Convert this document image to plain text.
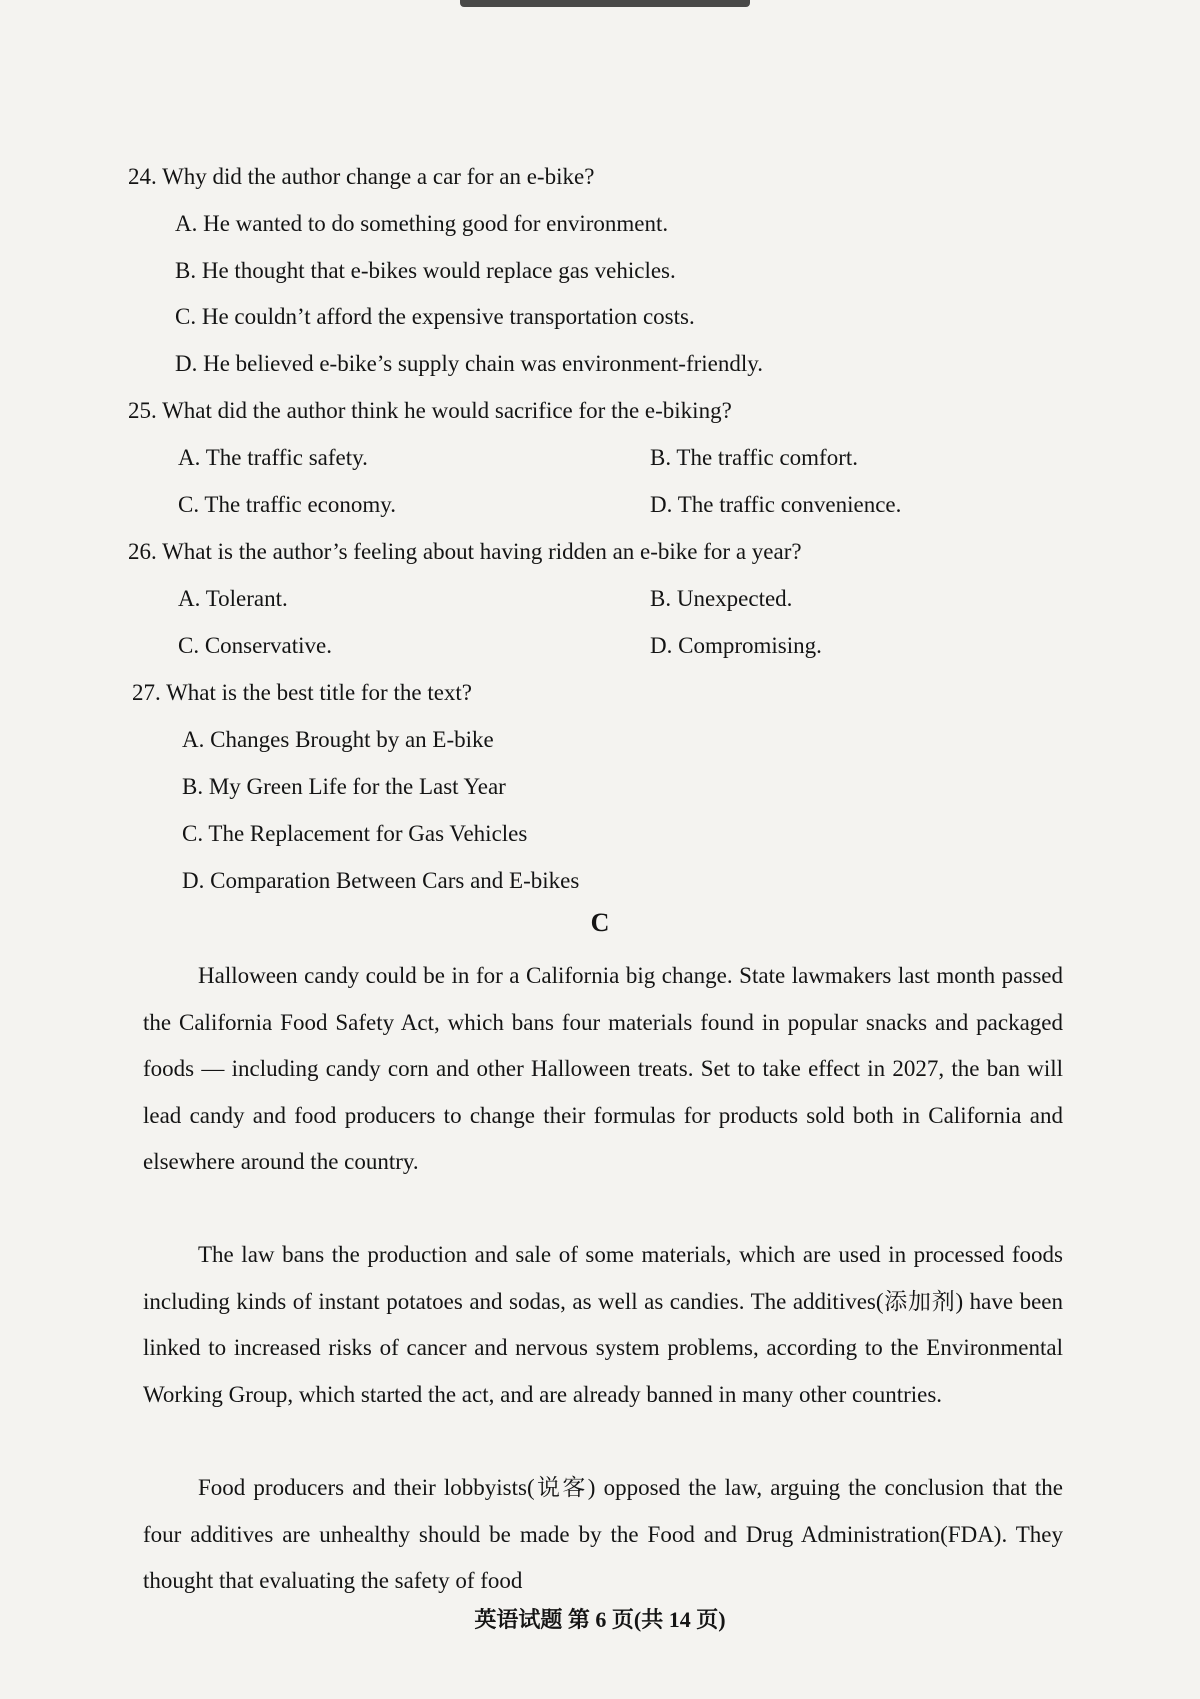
24. Why did the author change a car for an e-bike?
A. He wanted to do something good for environment.
B. He thought that e-bikes would replace gas vehicles.
C. He couldn’t afford the expensive transportation costs.
D. He believed e-bike’s supply chain was environment-friendly.
25. What did the author think he would sacrifice for the e-biking?
A. The traffic safety.	B. The traffic comfort.
C. The traffic economy.	D. The traffic convenience.
26. What is the author’s feeling about having ridden an e-bike for a year?
A. Tolerant.	B. Unexpected.
C. Conservative.	D. Compromising.
27. What is the best title for the text?
A. Changes Brought by an E-bike
B. My Green Life for the Last Year
C. The Replacement for Gas Vehicles
D. Comparation Between Cars and E-bikes
C

Halloween candy could be in for a California big change. State lawmakers last month passed the California Food Safety Act, which bans four materials found in popular snacks and packaged foods — including candy corn and other Halloween treats. Set to take effect in 2027, the ban will lead candy and food producers to change their formulas for products sold both in California and elsewhere around the country.

The law bans the production and sale of some materials, which are used in processed foods including kinds of instant potatoes and sodas, as well as candies. The additives(添加剂) have been linked to increased risks of cancer and nervous system problems, according to the Environmental Working Group, which started the act, and are already banned in many other countries.

Food producers and their lobbyists(说客) opposed the law, arguing the conclusion that the four additives are unhealthy should be made by the Food and Drug Administration(FDA). They thought that evaluating the safety of food

英语试题 第 6 页(共 14 页)
